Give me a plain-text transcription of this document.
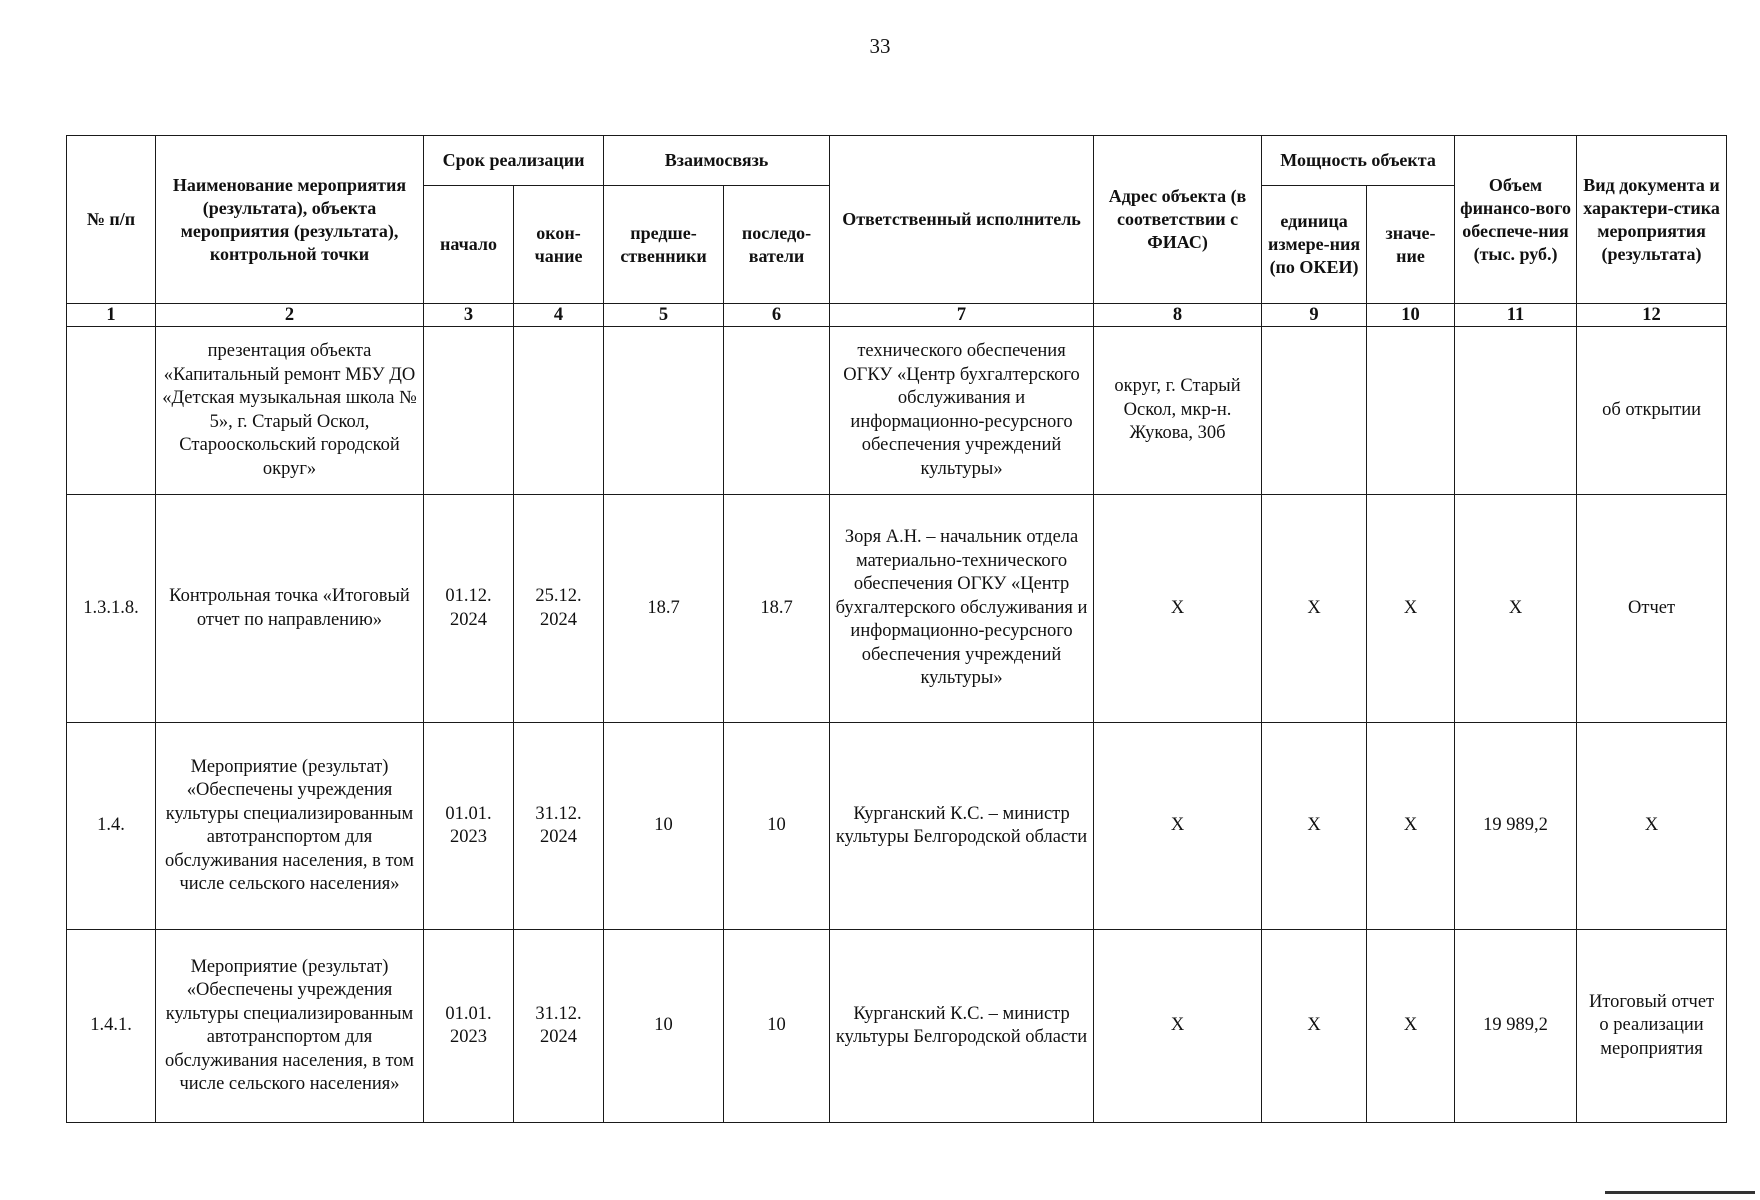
33
№ п/п	Наименование мероприятия (результата), объекта мероприятия (результата), контрольной точки	Срок реализации		Взаимосвязь		Ответственный исполнитель	Адрес объекта (в соответствии с ФИАС)	Мощность объекта		Объем финансо-вого обеспече-ния (тыс. руб.)	Вид документа и характери-стика мероприятия (результата)
		начало	окон-чание	предше-ственники	последо-ватели			единица измере-ния (по ОКЕИ)	значе-ние		
1	2	3	4	5	6	7	8	9	10	11	12
	презентация объекта «Капитальный ремонт МБУ ДО «Детская музыкальная школа № 5», г. Старый Оскол, Старооскольский городской округ»					технического обеспечения ОГКУ «Центр бухгалтерского обслуживания и информационно-ресурсного обеспечения учреждений культуры»	округ, г. Старый Оскол, мкр-н. Жукова, 30б				об открытии
1.3.1.8.	Контрольная точка «Итоговый отчет по направлению»	01.12. 2024	25.12. 2024	18.7	18.7	Зоря А.Н. – начальник отдела материально-технического обеспечения ОГКУ «Центр бухгалтерского обслуживания и информационно-ресурсного обеспечения учреждений культуры»	Х	Х	Х	Х	Отчет
1.4.	Мероприятие (результат) «Обеспечены учреждения культуры специализированным автотранспортом для обслуживания населения, в том числе сельского населения»	01.01. 2023	31.12. 2024	10	10	Курганский К.С. – министр культуры Белгородской области	Х	Х	Х	19 989,2	Х
1.4.1.	Мероприятие (результат) «Обеспечены учреждения культуры специализированным автотранспортом для обслуживания населения, в том числе сельского населения»	01.01. 2023	31.12. 2024	10	10	Курганский К.С. – министр культуры Белгородской области	Х	Х	Х	19 989,2	Итоговый отчет о реализации мероприятия
